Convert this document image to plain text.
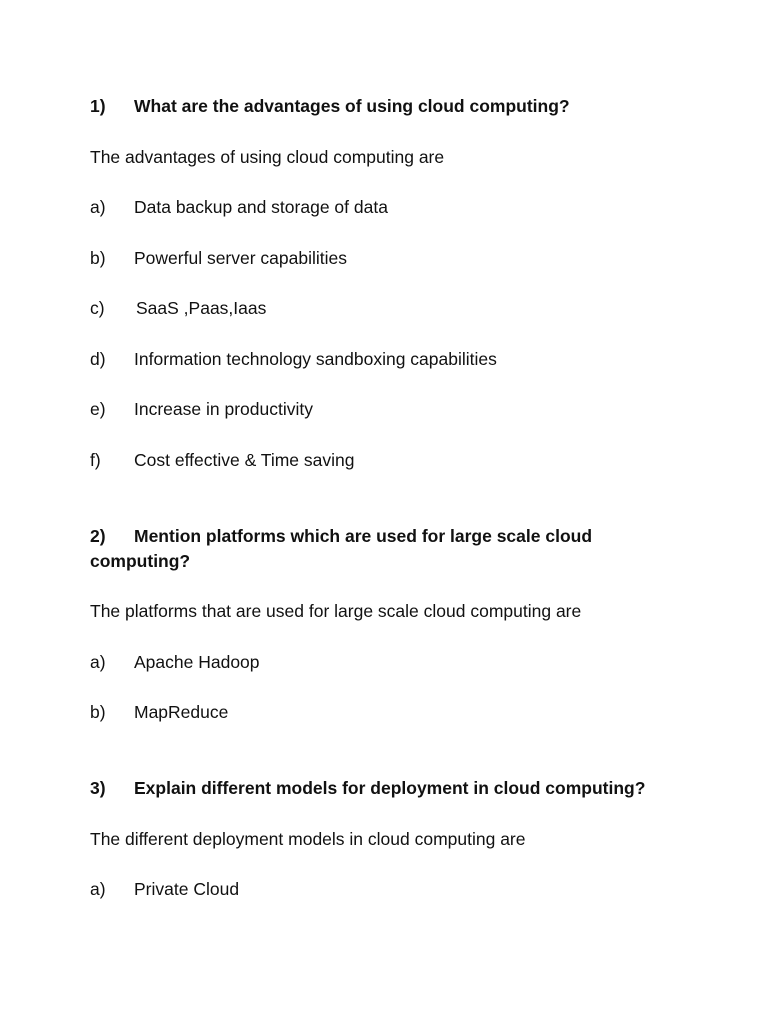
1) What are the advantages of using cloud computing?
The advantages of using cloud computing are
a) Data backup and storage of data
b) Powerful server capabilities
c) SaaS ,Paas,Iaas
d) Information technology sandboxing capabilities
e) Increase in productivity
f) Cost effective & Time saving
2) Mention platforms which are used for large scale cloud
computing?
The platforms that are used for large scale cloud computing are
a) Apache Hadoop
b) MapReduce
3) Explain different models for deployment in cloud computing?
The different deployment models in cloud computing are
a) Private Cloud
